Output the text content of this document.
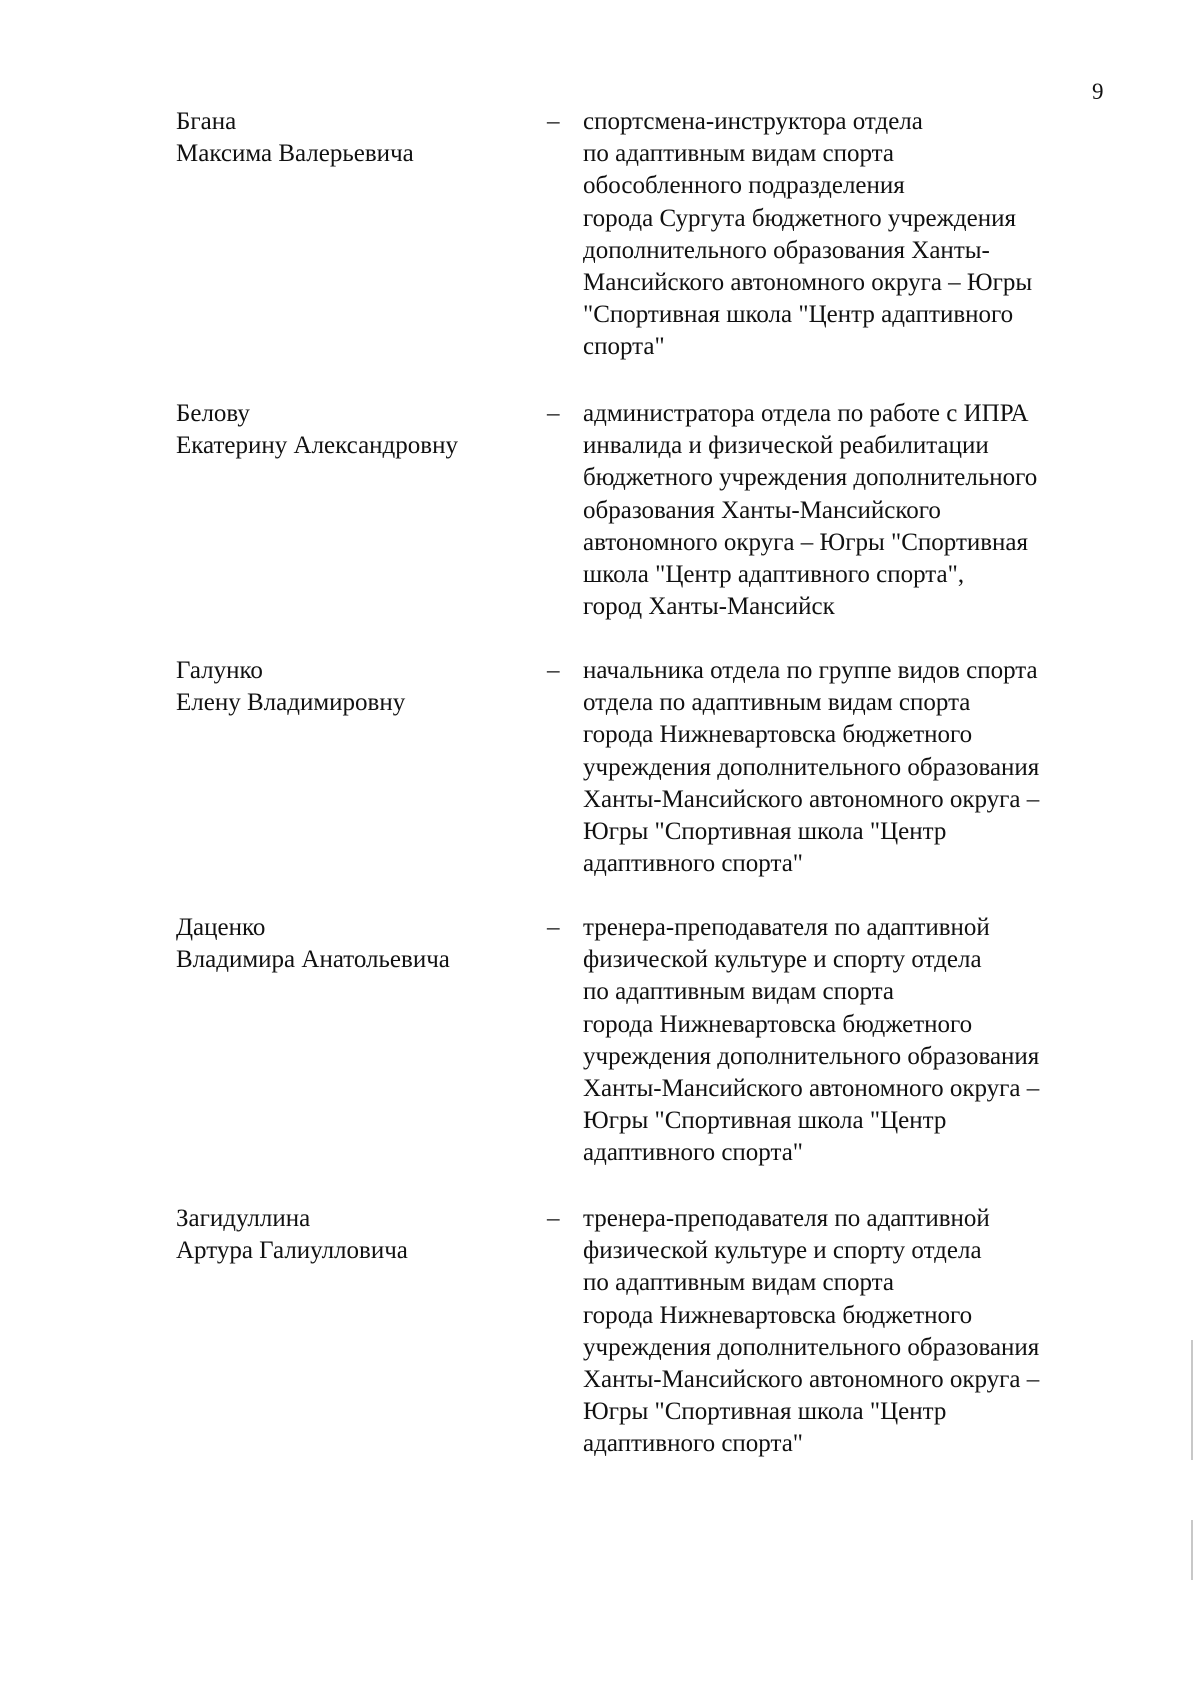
9
Бгана
Максима Валерьевича
– спортсмена-инструктора отдела
по адаптивным видам спорта
обособленного подразделения
города Сургута бюджетного учреждения
дополнительного образования Ханты-
Мансийского автономного округа – Югры
"Спортивная школа "Центр адаптивного
спорта"
Белову
Екатерину Александровну
– администратора отдела по работе с ИПРА
инвалида и физической реабилитации
бюджетного учреждения дополнительного
образования Ханты-Мансийского
автономного округа – Югры "Спортивная
школа "Центр адаптивного спорта",
город Ханты-Мансийск
Галунко
Елену Владимировну
– начальника отдела по группе видов спорта
отдела по адаптивным видам спорта
города Нижневартовска бюджетного
учреждения дополнительного образования
Ханты-Мансийского автономного округа –
Югры "Спортивная школа "Центр
адаптивного спорта"
Даценко
Владимира Анатольевича
– тренера-преподавателя по адаптивной
физической культуре и спорту отдела
по адаптивным видам спорта
города Нижневартовска бюджетного
учреждения дополнительного образования
Ханты-Мансийского автономного округа –
Югры "Спортивная школа "Центр
адаптивного спорта"
Загидуллина
Артура Галиулловича
– тренера-преподавателя по адаптивной
физической культуре и спорту отдела
по адаптивным видам спорта
города Нижневартовска бюджетного
учреждения дополнительного образования
Ханты-Мансийского автономного округа –
Югры "Спортивная школа "Центр
адаптивного спорта"
